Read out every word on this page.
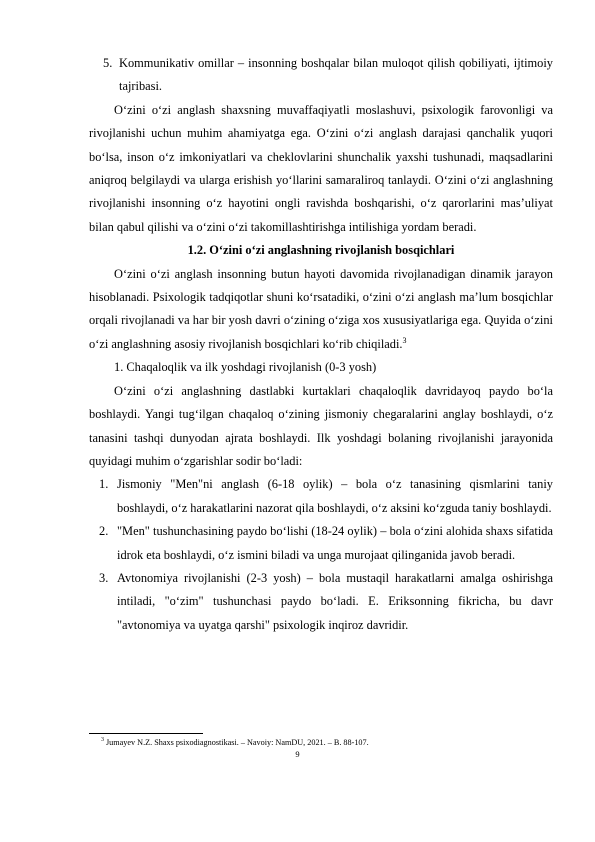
5. Kommunikativ omillar – insonning boshqalar bilan muloqot qilish qobiliyati, ijtimoiy tajribasi.

O‘zini o‘zi anglash shaxsning muvaffaqiyatli moslashuvi, psixologik farovonligi va rivojlanishi uchun muhim ahamiyatga ega. O‘zini o‘zi anglash darajasi qanchalik yuqori bo‘lsa, inson o‘z imkoniyatlari va cheklovlarini shunchalik yaxshi tushunadi, maqsadlarini aniqroq belgilaydi va ularga erishish yo‘llarini samaraliroq tanlaydi. O‘zini o‘zi anglashning rivojlanishi insonning o‘z hayotini ongli ravishda boshqarishi, o‘z qarorlarini mas’uliyat bilan qabul qilishi va o‘zini o‘zi takomillashtirishga intilishiga yordam beradi.

1.2. O‘zini o‘zi anglashning rivojlanish bosqichlari

O‘zini o‘zi anglash insonning butun hayoti davomida rivojlanadigan dinamik jarayon hisoblanadi. Psixologik tadqiqotlar shuni ko‘rsatadiki, o‘zini o‘zi anglash ma’lum bosqichlar orqali rivojlanadi va har bir yosh davri o‘zining o‘ziga xos xususiyatlariga ega. Quyida o‘zini o‘zi anglashning asosiy rivojlanish bosqichlari ko‘rib chiqiladi.$^3$

1. Chaqaloqlik va ilk yoshdagi rivojlanish (0-3 yosh)

O‘zini o‘zi anglashning dastlabki kurtaklari chaqaloqlik davridayoq paydo bo‘la boshlaydi. Yangi tug‘ilgan chaqaloq o‘zining jismoniy chegaralarini anglay boshlaydi, o‘z tanasini tashqi dunyodan ajrata boshlaydi. Ilk yoshdagi bolaning rivojlanishi jarayonida quyidagi muhim o‘zgarishlar sodir bo‘ladi:

1. Jismoniy "Men"ni anglash (6-18 oylik) – bola o‘z tanasining qismlarini taniy boshlaydi, o‘z harakatlarini nazorat qila boshlaydi, o‘z aksini ko‘zguda taniy boshlaydi.

2. "Men" tushunchasining paydo bo‘lishi (18-24 oylik) – bola o‘zini alohida shaxs sifatida idrok eta boshlaydi, o‘z ismini biladi va unga murojaat qilinganida javob beradi.

3. Avtonomiya rivojlanishi (2-3 yosh) – bola mustaqil harakatlarni amalga oshirishga intiladi, "o‘zim" tushunchasi paydo bo‘ladi. E. Eriksonning fikricha, bu davr "avtonomiya va uyatga qarshi" psixologik inqiroz davridir.

$^3$ Jumayev N.Z. Shaxs psixodiagnostikasi. – Navoiy: NamDU, 2021. – B. 88-107.
9
